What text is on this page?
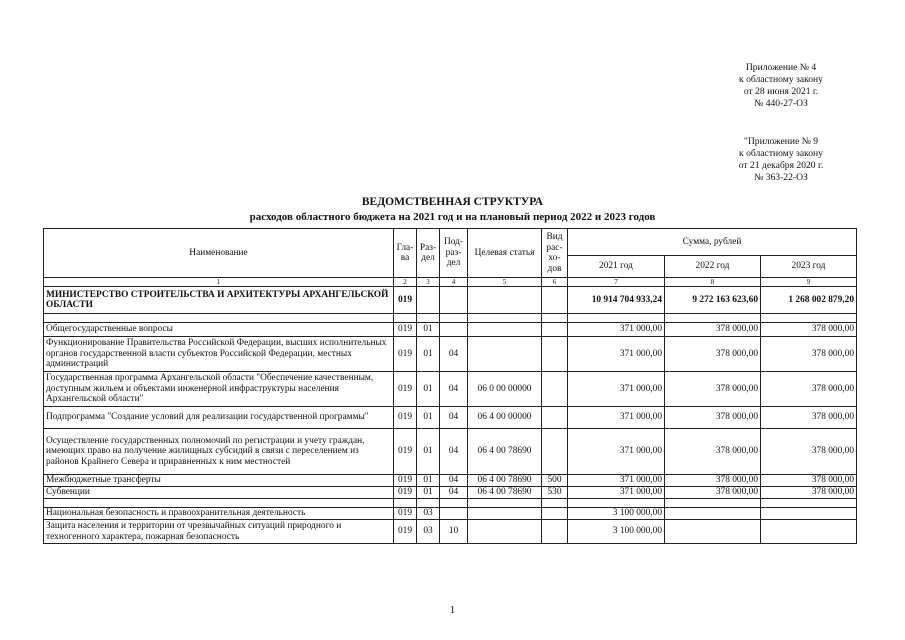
Приложение № 4
к областному закону
от 28 июня 2021 г.
№ 440-27-ОЗ
"Приложение № 9
к областному закону
от 21 декабря 2020 г.
№ 363-22-ОЗ
ВЕДОМСТВЕННАЯ СТРУКТУРА
расходов областного бюджета на 2021 год и на плановый период 2022 и 2023 годов
Наименование	Гла- ва	Раз- дел	Под- раз- дел	Целевая статья	Вид рас- хо- дов	Сумма, рублей		
						2021 год	2022 год	2023 год
1	2	3	4	5	6	7	8	9
МИНИСТЕРСТВО СТРОИТЕЛЬСТВА И АРХИТЕКТУРЫ АРХАНГЕЛЬСКОЙ ОБЛАСТИ	019					10 914 704 933,24	9 272 163 623,60	1 268 002 879,20

Общегосударственные вопросы	019	01				371 000,00	378 000,00	378 000,00
Функционирование Правительства Российской Федерации, высших исполнительных органов государственной власти субъектов Российской Федерации, местных администраций	019	01	04			371 000,00	378 000,00	378 000,00
Государственная программа Архангельской области "Обеспечение качественным, доступным жильем и объектами инженерной инфраструктуры населения Архангельской области"	019	01	04	06 0 00 00000		371 000,00	378 000,00	378 000,00
Подпрограмма "Создание условий для реализации государственной программы"	019	01	04	06 4 00 00000		371 000,00	378 000,00	378 000,00
Осуществление государственных полномочий по регистрации и учету граждан, имеющих право на получение жилищных субсидий в связи с переселением из районов Крайнего Севера и приравненных к ним местностей	019	01	04	06 4 00 78690		371 000,00	378 000,00	378 000,00
Межбюджетные трансферты	019	01	04	06 4 00 78690	500	371 000,00	378 000,00	378 000,00
Субвенции	019	01	04	06 4 00 78690	530	371 000,00	378 000,00	378 000,00

Национальная безопасность и правоохранительная деятельность	019	03				3 100 000,00		
Защита населения и территории от чрезвычайных ситуаций природного и техногенного характера, пожарная безопасность	019	03	10			3 100 000,00		
1
